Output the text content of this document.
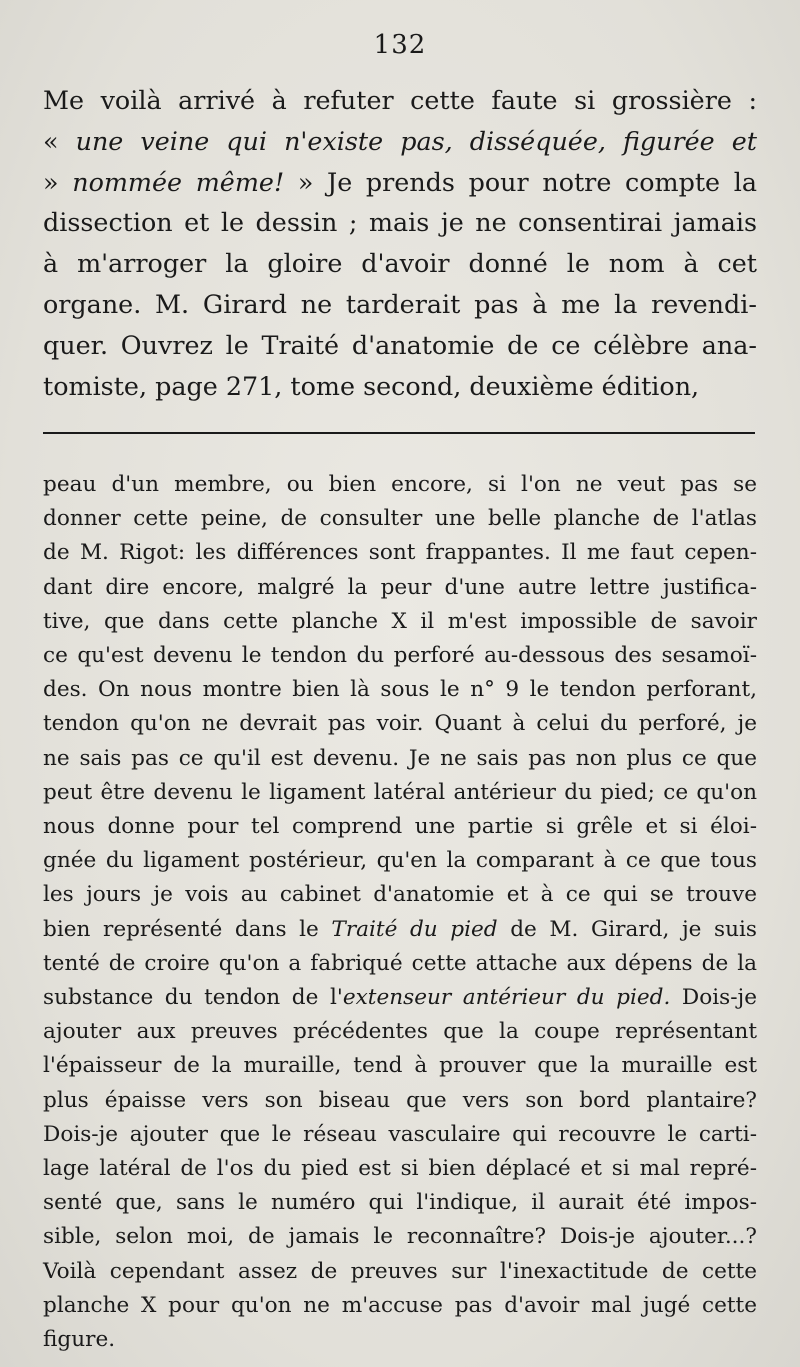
132
Me voilà arrivé à refuter cette faute si grossière :
« une veine qui n'existe pas, disséquée, figurée et
» nommée même! » Je prends pour notre compte la
dissection et le dessin ; mais je ne consentirai jamais
à m'arroger la gloire d'avoir donné le nom à cet
organe. M. Girard ne tarderait pas à me la revendi-
quer. Ouvrez le Traité d'anatomie de ce célèbre ana-
tomiste, page 271, tome second, deuxième édition,
peau d'un membre, ou bien encore, si l'on ne veut pas se
donner cette peine, de consulter une belle planche de l'atlas
de M. Rigot: les différences sont frappantes. Il me faut cepen-
dant dire encore, malgré la peur d'une autre lettre justifica-
tive, que dans cette planche X il m'est impossible de savoir
ce qu'est devenu le tendon du perforé au-dessous des sesamoï-
des. On nous montre bien là sous le n° 9 le tendon perforant,
tendon qu'on ne devrait pas voir. Quant à celui du perforé, je
ne sais pas ce qu'il est devenu. Je ne sais pas non plus ce que
peut être devenu le ligament latéral antérieur du pied; ce qu'on
nous donne pour tel comprend une partie si grêle et si éloi-
gnée du ligament postérieur, qu'en la comparant à ce que tous
les jours je vois au cabinet d'anatomie et à ce qui se trouve
bien représenté dans le Traité du pied de M. Girard, je suis
tenté de croire qu'on a fabriqué cette attache aux dépens de la
substance du tendon de l'extenseur antérieur du pied. Dois-je
ajouter aux preuves précédentes que la coupe représentant
l'épaisseur de la muraille, tend à prouver que la muraille est
plus épaisse vers son biseau que vers son bord plantaire?
Dois-je ajouter que le réseau vasculaire qui recouvre le carti-
lage latéral de l'os du pied est si bien déplacé et si mal repré-
senté que, sans le numéro qui l'indique, il aurait été impos-
sible, selon moi, de jamais le reconnaître? Dois-je ajouter...?
Voilà cependant assez de preuves sur l'inexactitude de cette
planche X pour qu'on ne m'accuse pas d'avoir mal jugé cette
figure.
